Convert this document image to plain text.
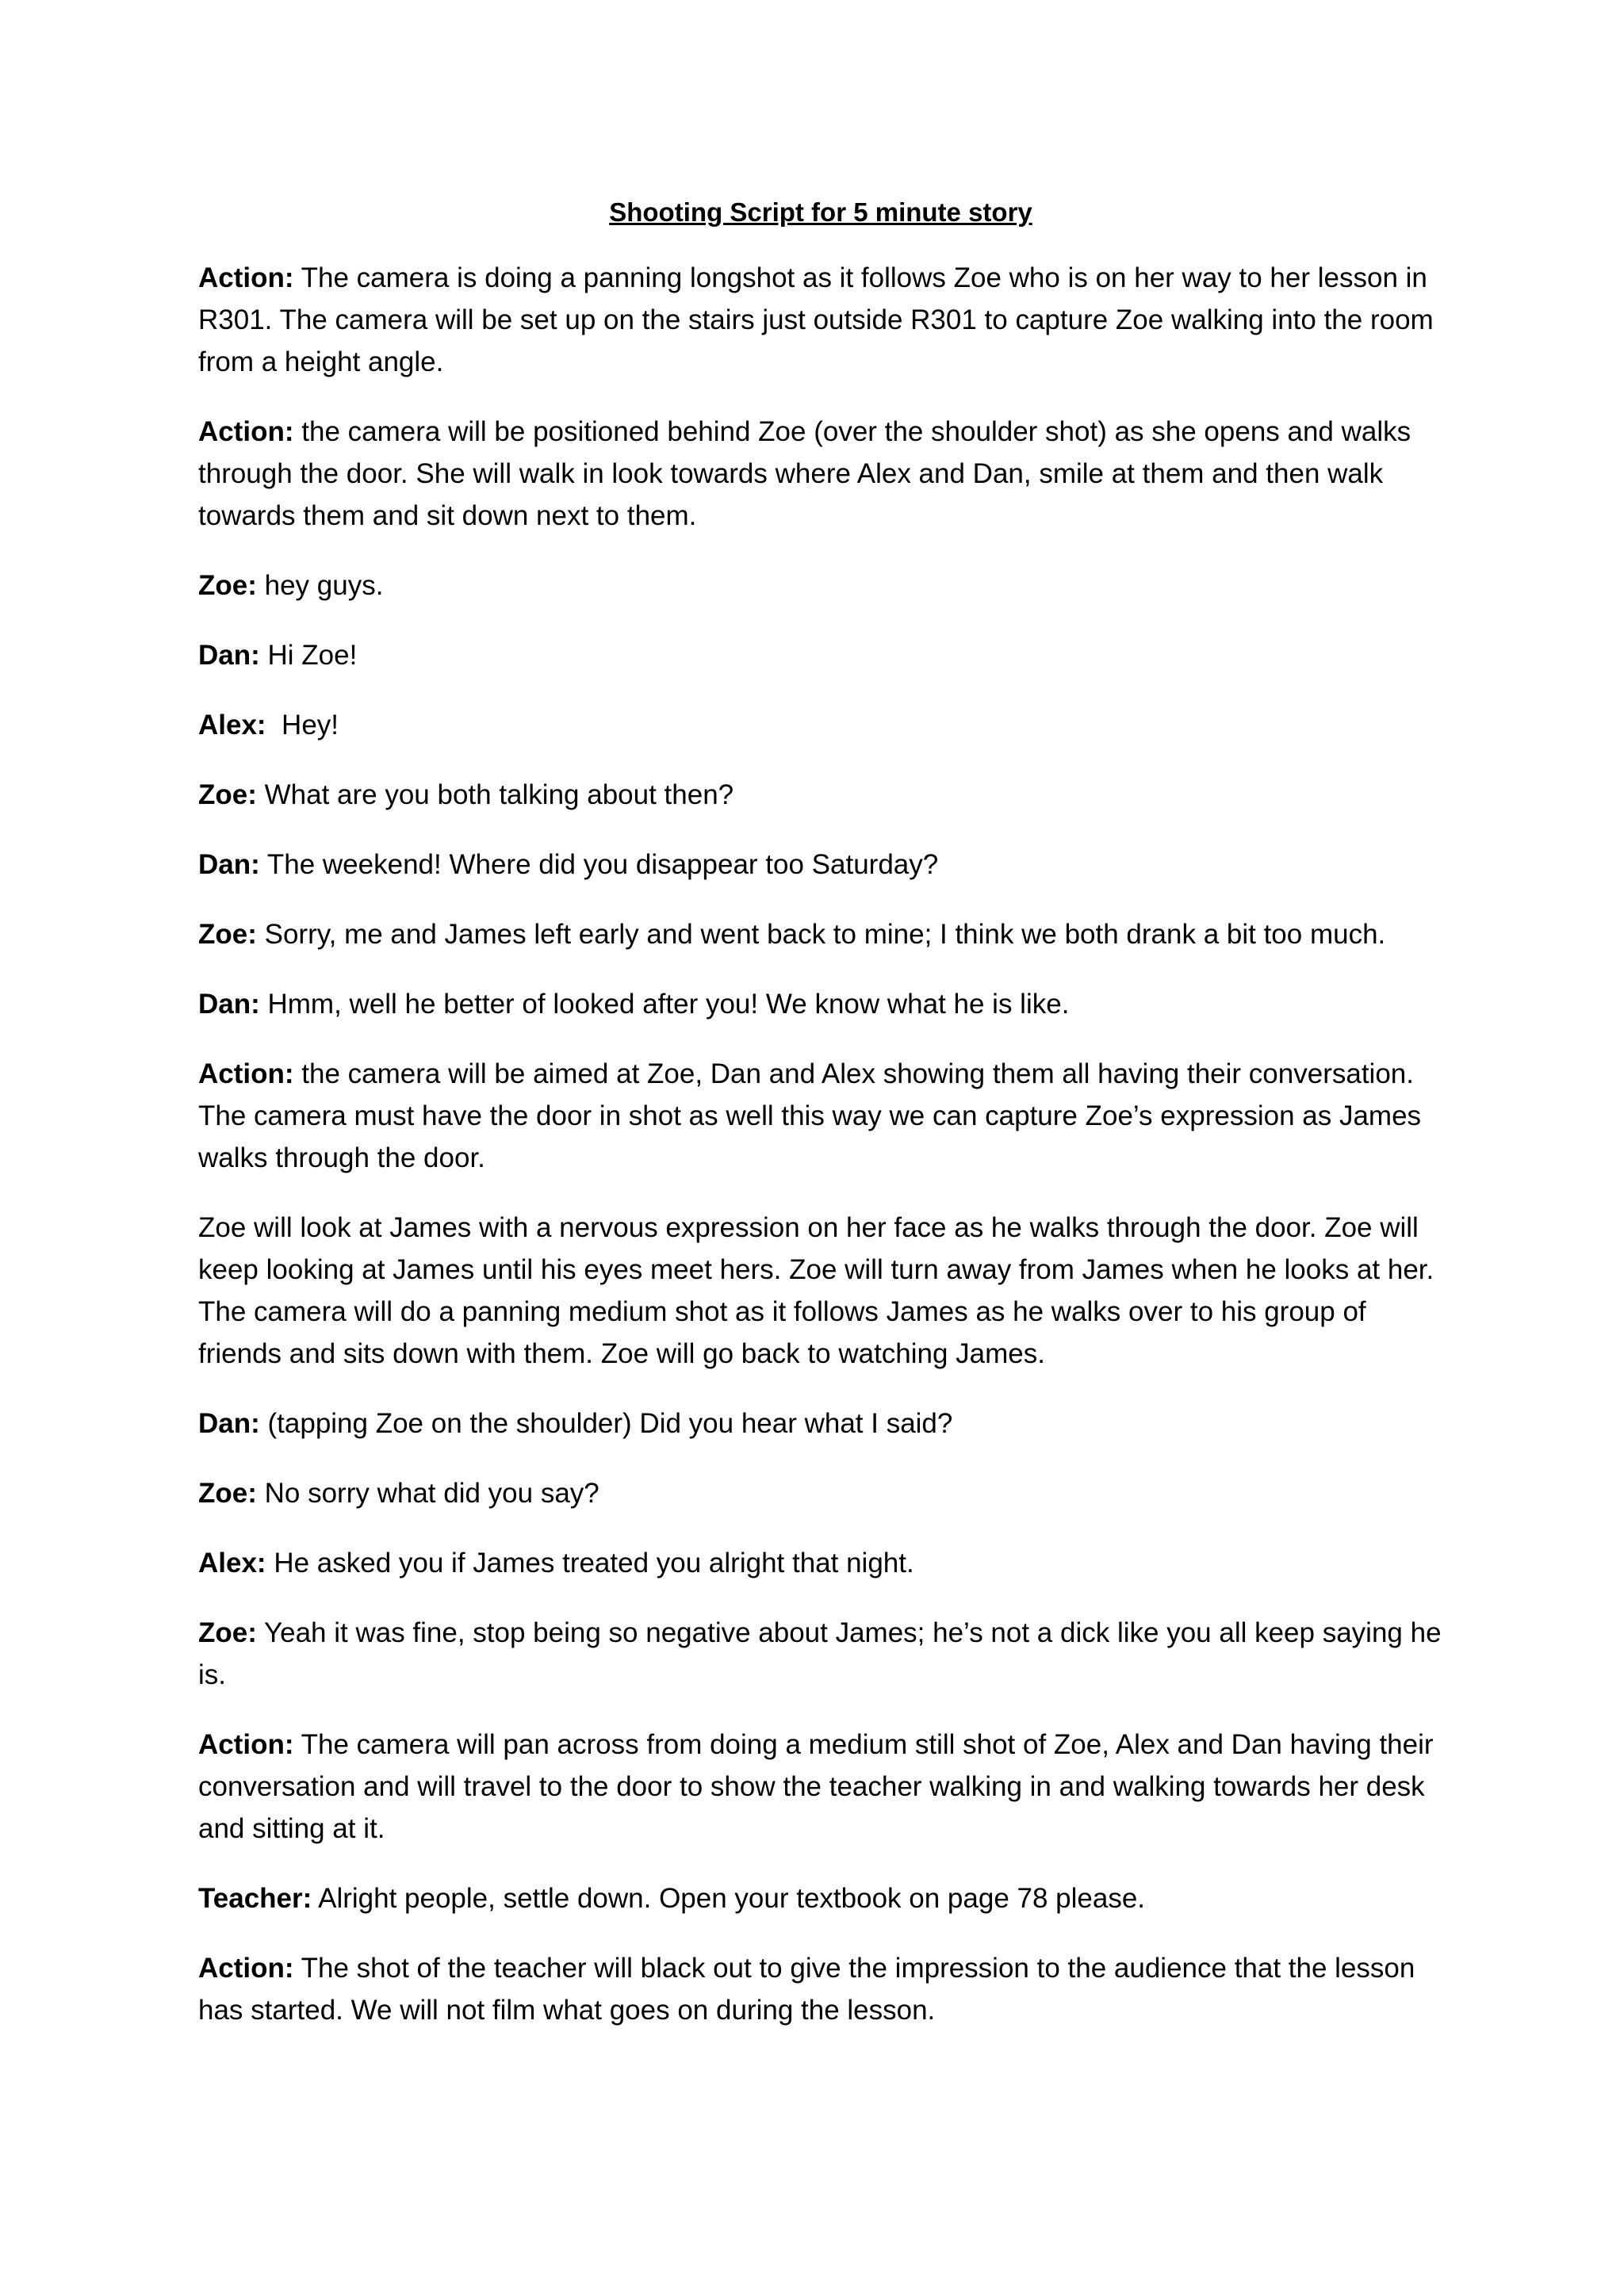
Shooting Script for 5 minute story

Action: The camera is doing a panning longshot as it follows Zoe who is on her way to her lesson in R301. The camera will be set up on the stairs just outside R301 to capture Zoe walking into the room from a height angle.

Action: the camera will be positioned behind Zoe (over the shoulder shot) as she opens and walks through the door. She will walk in look towards where Alex and Dan, smile at them and then walk towards them and sit down next to them.

Zoe: hey guys.

Dan: Hi Zoe!

Alex:  Hey!

Zoe: What are you both talking about then?

Dan: The weekend! Where did you disappear too Saturday?

Zoe: Sorry, me and James left early and went back to mine; I think we both drank a bit too much.

Dan: Hmm, well he better of looked after you! We know what he is like.

Action: the camera will be aimed at Zoe, Dan and Alex showing them all having their conversation. The camera must have the door in shot as well this way we can capture Zoe’s expression as James walks through the door.

Zoe will look at James with a nervous expression on her face as he walks through the door. Zoe will keep looking at James until his eyes meet hers. Zoe will turn away from James when he looks at her. The camera will do a panning medium shot as it follows James as he walks over to his group of friends and sits down with them. Zoe will go back to watching James.

Dan: (tapping Zoe on the shoulder) Did you hear what I said?

Zoe: No sorry what did you say?

Alex: He asked you if James treated you alright that night.

Zoe: Yeah it was fine, stop being so negative about James; he’s not a dick like you all keep saying he is.

Action: The camera will pan across from doing a medium still shot of Zoe, Alex and Dan having their conversation and will travel to the door to show the teacher walking in and walking towards her desk and sitting at it.

Teacher: Alright people, settle down. Open your textbook on page 78 please.

Action: The shot of the teacher will black out to give the impression to the audience that the lesson has started. We will not film what goes on during the lesson.
